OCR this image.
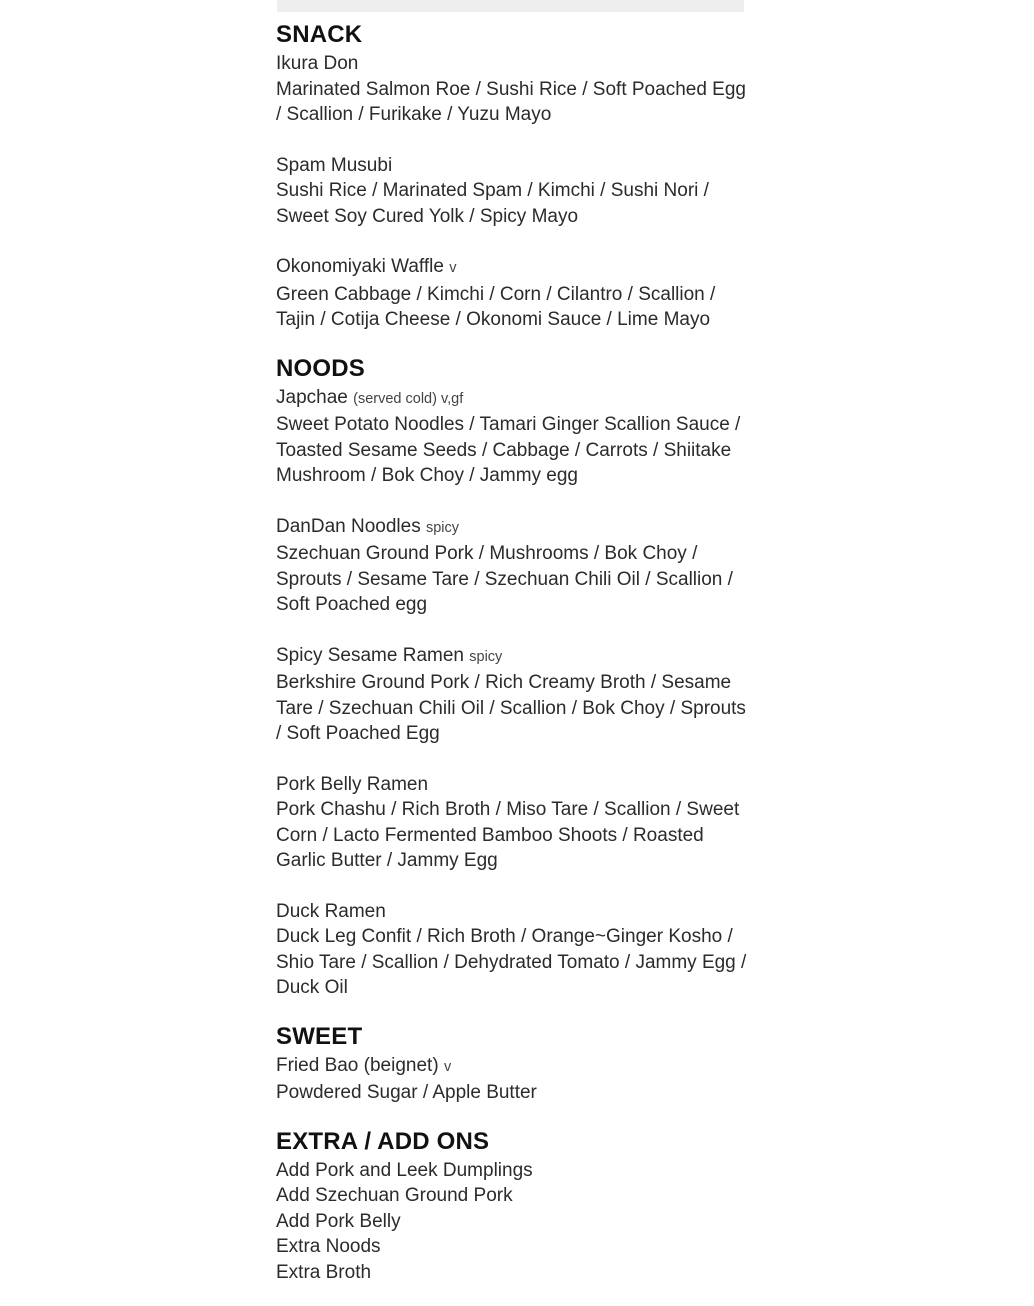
SNACK
Ikura Don
Marinated Salmon Roe / Sushi Rice / Soft Poached Egg / Scallion / Furikake / Yuzu Mayo
Spam Musubi
Sushi Rice / Marinated Spam / Kimchi / Sushi Nori / Sweet Soy Cured Yolk / Spicy Mayo
Okonomiyaki Waffle v
Green Cabbage / Kimchi / Corn / Cilantro / Scallion / Tajin / Cotija Cheese / Okonomi Sauce / Lime Mayo
NOODS
Japchae (served cold) v,gf
Sweet Potato Noodles / Tamari Ginger Scallion Sauce / Toasted Sesame Seeds / Cabbage / Carrots / Shiitake Mushroom / Bok Choy / Jammy egg
DanDan Noodles spicy
Szechuan Ground Pork / Mushrooms / Bok Choy / Sprouts / Sesame Tare / Szechuan Chili Oil / Scallion / Soft Poached egg
Spicy Sesame Ramen spicy
Berkshire Ground Pork / Rich Creamy Broth / Sesame Tare / Szechuan Chili Oil / Scallion / Bok Choy / Sprouts / Soft Poached Egg
Pork Belly Ramen
Pork Chashu / Rich Broth / Miso Tare / Scallion / Sweet Corn / Lacto Fermented Bamboo Shoots / Roasted Garlic Butter / Jammy Egg
Duck Ramen
Duck Leg Confit / Rich Broth / Orange~Ginger Kosho / Shio Tare / Scallion / Dehydrated Tomato / Jammy Egg / Duck Oil
SWEET
Fried Bao (beignet) v
Powdered Sugar / Apple Butter
EXTRA / ADD ONS
Add Pork and Leek Dumplings
Add Szechuan Ground Pork
Add Pork Belly
Extra Noods
Extra Broth
